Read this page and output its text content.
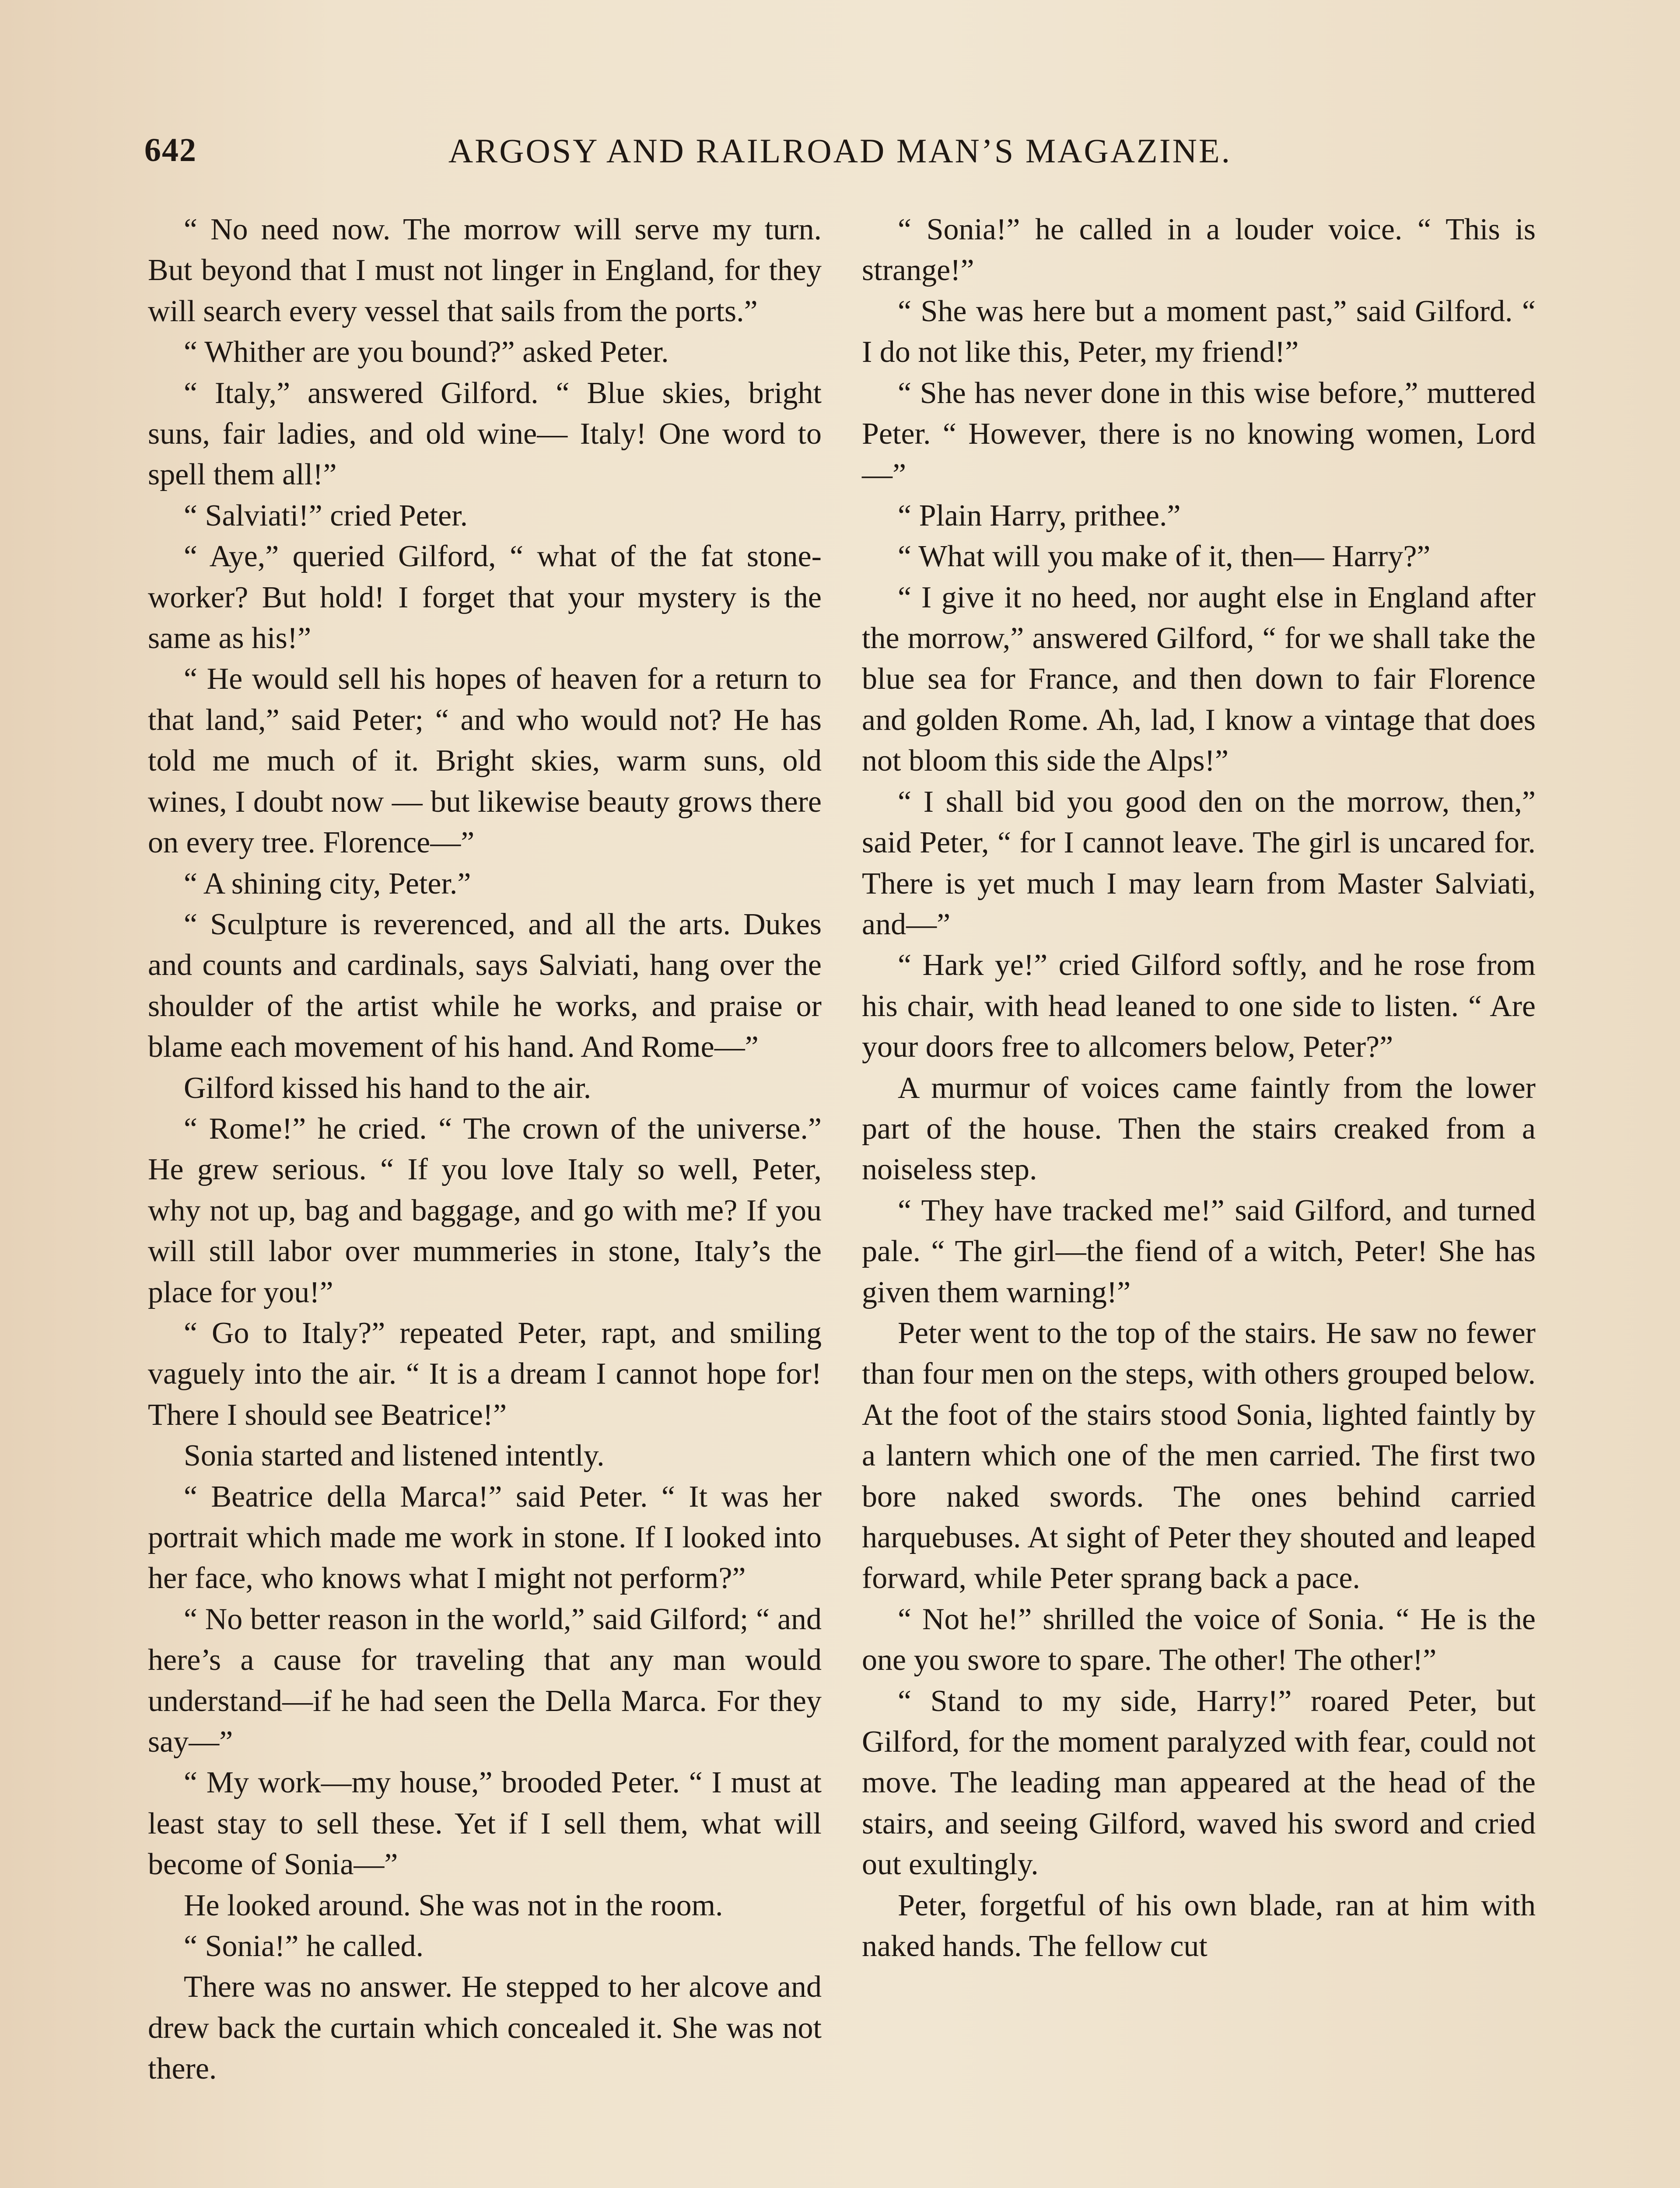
642	ARGOSY AND RAILROAD MAN’S MAGAZINE.

“ No need now. The morrow will serve my turn. But beyond that I must not linger in England, for they will search every vessel that sails from the ports.”

“ Whither are you bound?” asked Peter.

“ Italy,” answered Gilford. “ Blue skies, bright suns, fair ladies, and old wine— Italy! One word to spell them all!”

“ Salviati!” cried Peter.

“ Aye,” queried Gilford, “ what of the fat stone-worker? But hold! I forget that your mystery is the same as his!”

“ He would sell his hopes of heaven for a return to that land,” said Peter; “ and who would not? He has told me much of it. Bright skies, warm suns, old wines, I doubt now — but likewise beauty grows there on every tree. Florence—”

“ A shining city, Peter.”

“ Sculpture is reverenced, and all the arts. Dukes and counts and cardinals, says Salviati, hang over the shoulder of the artist while he works, and praise or blame each movement of his hand. And Rome—”

Gilford kissed his hand to the air.

“ Rome!” he cried. “ The crown of the universe.” He grew serious. “ If you love Italy so well, Peter, why not up, bag and baggage, and go with me? If you will still labor over mummeries in stone, Italy’s the place for you!”

“ Go to Italy?” repeated Peter, rapt, and smiling vaguely into the air. “ It is a dream I cannot hope for! There I should see Beatrice!”

Sonia started and listened intently.

“ Beatrice della Marca!” said Peter. “ It was her portrait which made me work in stone. If I looked into her face, who knows what I might not perform?”

“ No better reason in the world,” said Gilford; “ and here’s a cause for traveling that any man would understand—if he had seen the Della Marca. For they say—”

“ My work—my house,” brooded Peter. “ I must at least stay to sell these. Yet if I sell them, what will become of Sonia—”

He looked around. She was not in the room.

“ Sonia!” he called.

There was no answer. He stepped to her alcove and drew back the curtain which concealed it. She was not there.

“ Sonia!” he called in a louder voice. “ This is strange!”

“ She was here but a moment past,” said Gilford. “ I do not like this, Peter, my friend!”

“ She has never done in this wise before,” muttered Peter. “ However, there is no knowing women, Lord—”

“ Plain Harry, prithee.”

“ What will you make of it, then— Harry?”

“ I give it no heed, nor aught else in England after the morrow,” answered Gilford, “ for we shall take the blue sea for France, and then down to fair Florence and golden Rome. Ah, lad, I know a vintage that does not bloom this side the Alps!”

“ I shall bid you good den on the morrow, then,” said Peter, “ for I cannot leave. The girl is uncared for. There is yet much I may learn from Master Salviati, and—”

“ Hark ye!” cried Gilford softly, and he rose from his chair, with head leaned to one side to listen. “ Are your doors free to allcomers below, Peter?”

A murmur of voices came faintly from the lower part of the house. Then the stairs creaked from a noiseless step.

“ They have tracked me!” said Gilford, and turned pale. “ The girl—the fiend of a witch, Peter! She has given them warning!”

Peter went to the top of the stairs. He saw no fewer than four men on the steps, with others grouped below. At the foot of the stairs stood Sonia, lighted faintly by a lantern which one of the men carried. The first two bore naked swords. The ones behind carried harquebuses. At sight of Peter they shouted and leaped forward, while Peter sprang back a pace.

“ Not he!” shrilled the voice of Sonia. “ He is the one you swore to spare. The other! The other!”

“ Stand to my side, Harry!” roared Peter, but Gilford, for the moment paralyzed with fear, could not move. The leading man appeared at the head of the stairs, and seeing Gilford, waved his sword and cried out exultingly.

Peter, forgetful of his own blade, ran at him with naked hands. The fellow cut
